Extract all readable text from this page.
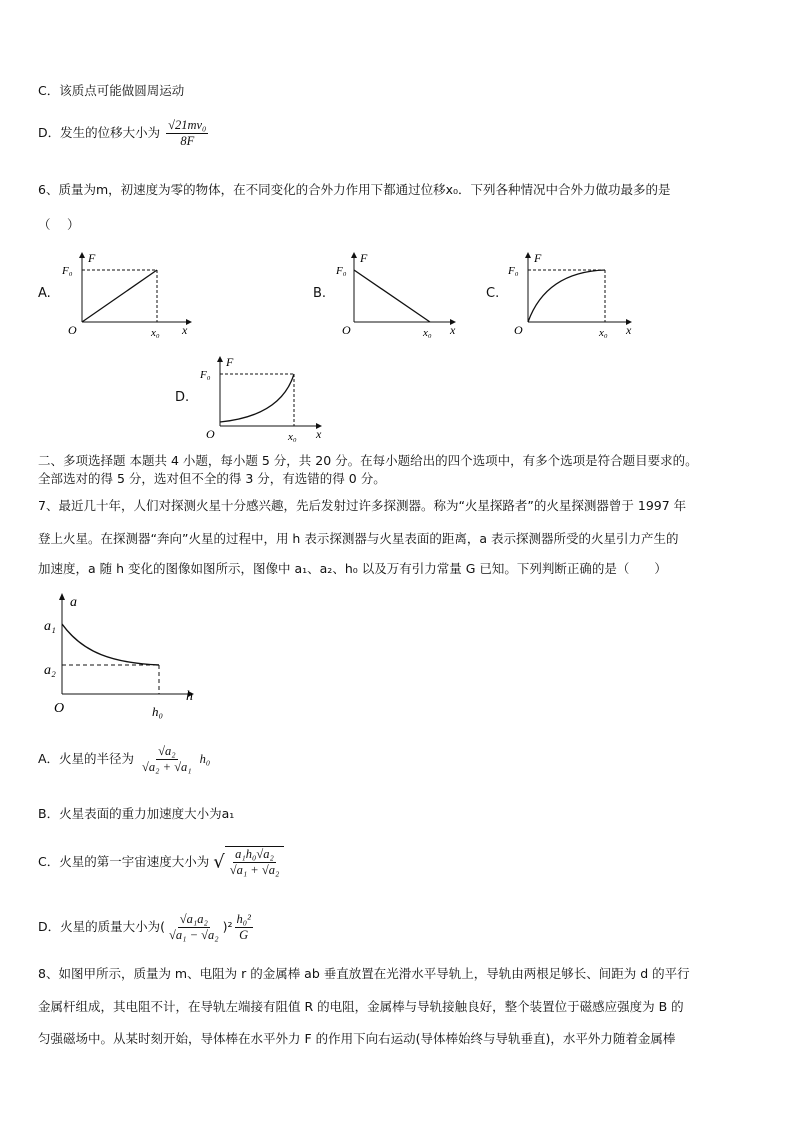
C．该质点可能做圆周运动
D．发生的位移大小为 $\frac{\text{√21mv₀}}{8F}$
6、质量为m，初速度为零的物体，在不同变化的合外力作用下都通过位移x₀．下列各种情况中合外力做功最多的是
（　 ）
A.	B.	C.
D.
F
F₀
O	x₀ x
F
F₀
O	x₀ x
F
F₀
O	x₀ x
F
F₀
O	x₀ x
二、多项选择题 本题共 4 小题，每小题 5 分，共 20 分。在每小题给出的四个选项中，有多个选项是符合题目要求的。
全部选对的得 5 分，选对但不全的得 3 分，有选错的得 0 分。
7、最近几十年，人们对探测火星十分感兴趣，先后发射过许多探测器。称为“火星探路者”的火星探测器曾于 1997 年
登上火星。在探测器“奔向”火星的过程中，用 h 表示探测器与火星表面的距离，a 表示探测器所受的火星引力产生的
加速度，a 随 h 变化的图像如图所示，图像中 a₁、a₂、h₀ 以及万有引力常量 G 已知。下列判断正确的是（　　）
a
a₁
a₂
O	h₀
h
A．火星的半径为 $\frac{\text{√a₂}}{\text{√a₂ + √a₁}} h_0$
B．火星表面的重力加速度大小为a₁
C．火星的第一宇宙速度大小为 √ $\frac{\text{a₁h₀√a₂}}{\text{√a₁ + √a₂}}$
D．火星的质量大小为( $\frac{\text{√a₁a₂}}{\text{√a₁ − √a₂}} )^2 \frac{\text{h₀²}}{G}$
8、如图甲所示，质量为 m、电阻为 r 的金属棒 ab 垂直放置在光滑水平导轨上，导轨由两根足够长、间距为 d 的平行
金属杆组成，其电阻不计，在导轨左端接有阻值 R 的电阻，金属棒与导轨接触良好，整个装置位于磁感应强度为 B 的
匀强磁场中。从某时刻开始，导体棒在水平外力 F 的作用下向右运动(导体棒始终与导轨垂直)，水平外力随着金属棒
